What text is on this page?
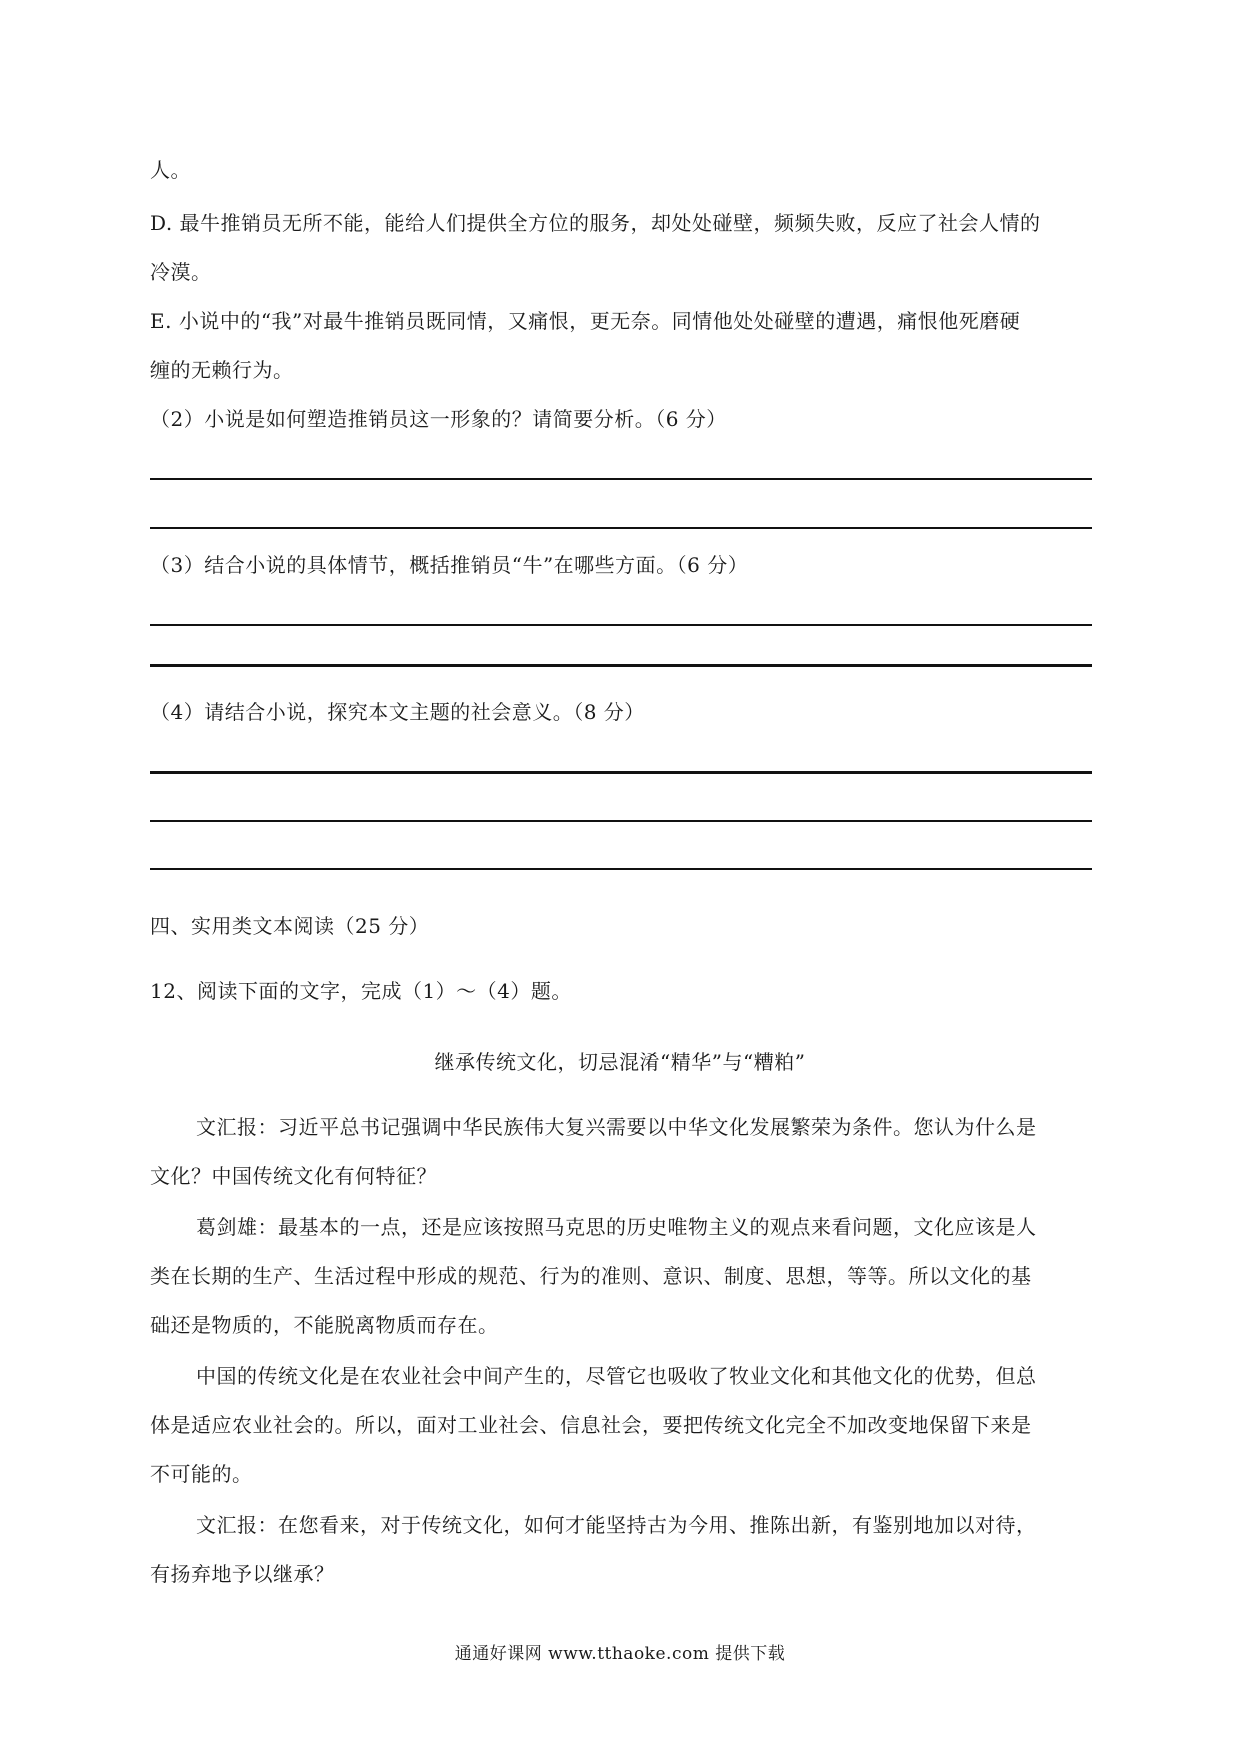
人。
D. 最牛推销员无所不能，能给人们提供全方位的服务，却处处碰壁，频频失败，反应了社会人情的
冷漠。
E. 小说中的“我”对最牛推销员既同情，又痛恨，更无奈。同情他处处碰壁的遭遇，痛恨他死磨硬
缠的无赖行为。
（2）小说是如何塑造推销员这一形象的？请简要分析。（6 分）
（3）结合小说的具体情节，概括推销员“牛”在哪些方面。（6 分）
（4）请结合小说，探究本文主题的社会意义。（8 分）
四、实用类文本阅读（25 分）
12、阅读下面的文字，完成（1）～（4）题。
继承传统文化，切忌混淆“精华”与“糟粕”
文汇报：习近平总书记强调中华民族伟大复兴需要以中华文化发展繁荣为条件。您认为什么是
文化？中国传统文化有何特征？
葛剑雄：最基本的一点，还是应该按照马克思的历史唯物主义的观点来看问题，文化应该是人
类在长期的生产、生活过程中形成的规范、行为的准则、意识、制度、思想，等等。所以文化的基
础还是物质的，不能脱离物质而存在。
中国的传统文化是在农业社会中间产生的，尽管它也吸收了牧业文化和其他文化的优势，但总
体是适应农业社会的。所以，面对工业社会、信息社会，要把传统文化完全不加改变地保留下来是
不可能的。
文汇报：在您看来，对于传统文化，如何才能坚持古为今用、推陈出新，有鉴别地加以对待，
有扬弃地予以继承？
通通好课网 www.tthaoke.com 提供下载
